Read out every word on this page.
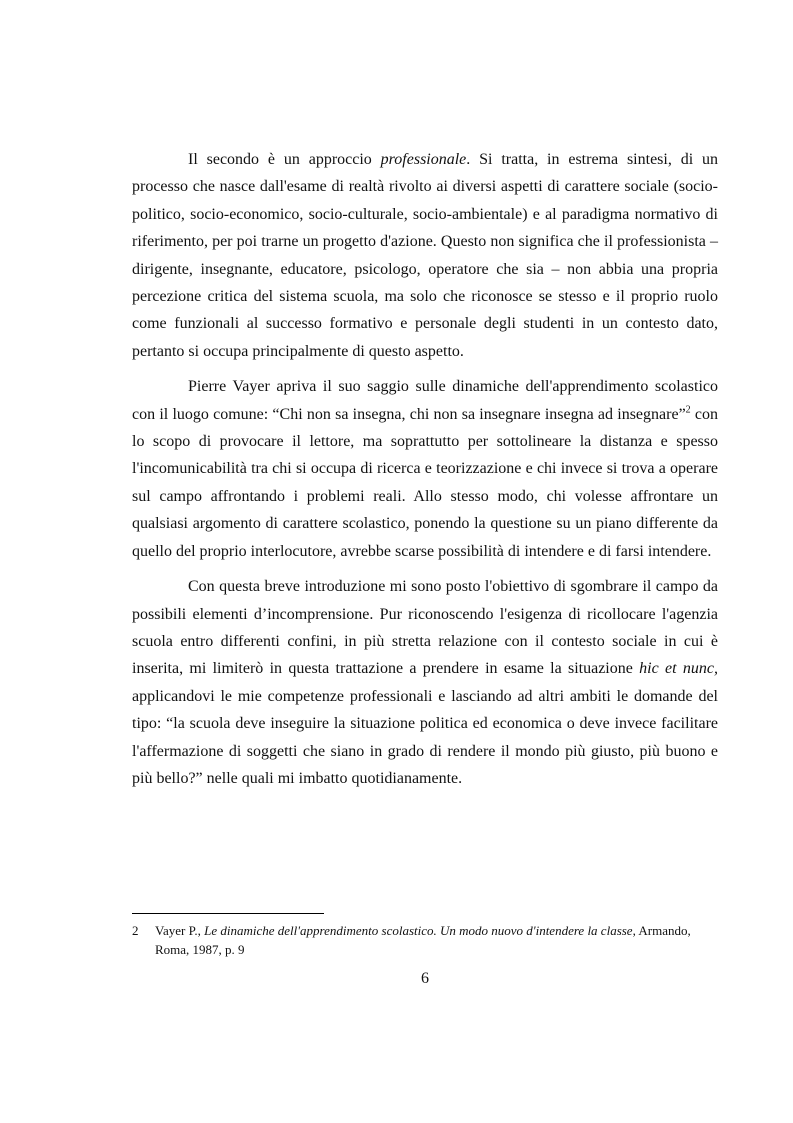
Il secondo è un approccio professionale. Si tratta, in estrema sintesi, di un processo che nasce dall'esame di realtà rivolto ai diversi aspetti di carattere sociale (socio-politico, socio-economico, socio-culturale, socio-ambientale) e al paradigma normativo di riferimento, per poi trarne un progetto d'azione. Questo non significa che il professionista – dirigente, insegnante, educatore, psicologo, operatore che sia – non abbia una propria percezione critica del sistema scuola, ma solo che riconosce se stesso e il proprio ruolo come funzionali al successo formativo e personale degli studenti in un contesto dato, pertanto si occupa principalmente di questo aspetto.

Pierre Vayer apriva il suo saggio sulle dinamiche dell'apprendimento scolastico con il luogo comune: “Chi non sa insegna, chi non sa insegnare insegna ad insegnare”$^2$ con lo scopo di provocare il lettore, ma soprattutto per sottolineare la distanza e spesso l'incomunicabilità tra chi si occupa di ricerca e teorizzazione e chi invece si trova a operare sul campo affrontando i problemi reali. Allo stesso modo, chi volesse affrontare un qualsiasi argomento di carattere scolastico, ponendo la questione su un piano differente da quello del proprio interlocutore, avrebbe scarse possibilità di intendere e di farsi intendere.

Con questa breve introduzione mi sono posto l'obiettivo di sgombrare il campo da possibili elementi d’incomprensione. Pur riconoscendo l'esigenza di ricollocare l'agenzia scuola entro differenti confini, in più stretta relazione con il contesto sociale in cui è inserita, mi limiterò in questa trattazione a prendere in esame la situazione hic et nunc, applicandovi le mie competenze professionali e lasciando ad altri ambiti le domande del tipo: “la scuola deve inseguire la situazione politica ed economica o deve invece facilitare l'affermazione di soggetti che siano in grado di rendere il mondo più giusto, più buono e più bello?” nelle quali mi imbatto quotidianamente.

2	Vayer P., Le dinamiche dell'apprendimento scolastico. Un modo nuovo d'intendere la classe, Armando, Roma, 1987, p. 9
6
